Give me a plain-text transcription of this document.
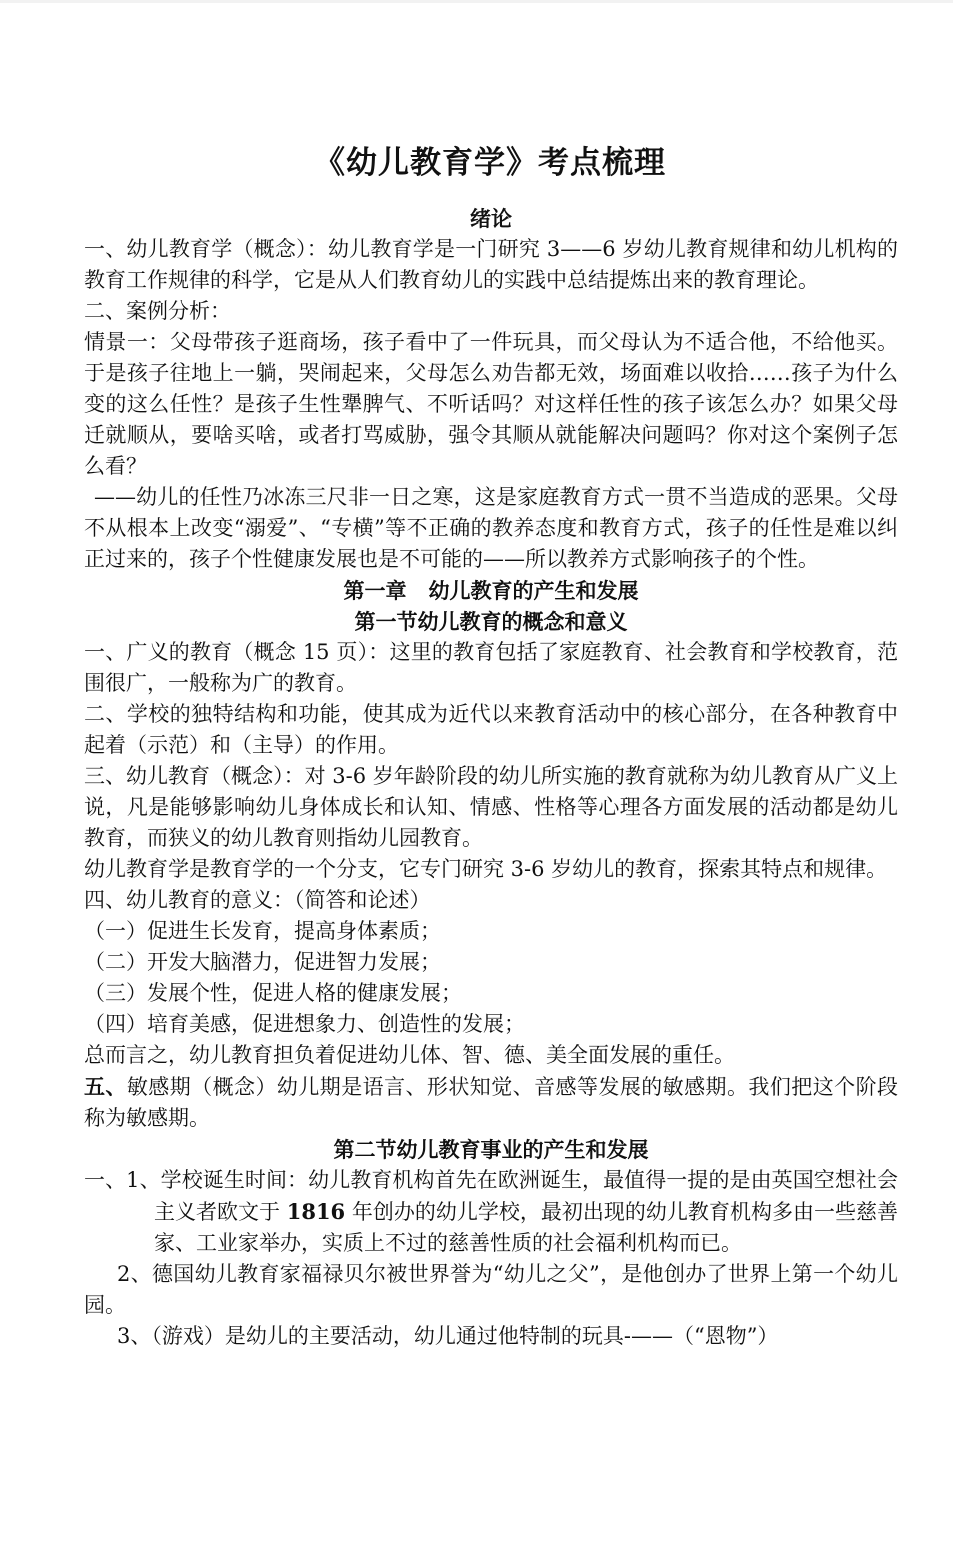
《幼儿教育学》考点梳理

绪论

一、幼儿教育学（概念）：幼儿教育学是一门研究 3——6 岁幼儿教育规律和幼儿机构的教育工作规律的科学，它是从人们教育幼儿的实践中总结提炼出来的教育理论。

二、案例分析：

情景一：父母带孩子逛商场，孩子看中了一件玩具，而父母认为不适合他，不给他买。于是孩子往地上一躺，哭闹起来，父母怎么劝告都无效，场面难以收拾……孩子为什么变的这么任性？是孩子生性犟脾气、不听话吗？对这样任性的孩子该怎么办？如果父母迁就顺从，要啥买啥，或者打骂威胁，强令其顺从就能解决问题吗？你对这个案例子怎么看？

——幼儿的任性乃冰冻三尺非一日之寒，这是家庭教育方式一贯不当造成的恶果。父母不从根本上改变“溺爱”、“专横”等不正确的教养态度和教育方式，孩子的任性是难以纠正过来的，孩子个性健康发展也是不可能的——所以教养方式影响孩子的个性。

第一章   幼儿教育的产生和发展

第一节幼儿教育的概念和意义

一、广义的教育（概念 15 页）：这里的教育包括了家庭教育、社会教育和学校教育，范围很广，一般称为广的教育。

二、学校的独特结构和功能，使其成为近代以来教育活动中的核心部分，在各种教育中起着（示范）和（主导）的作用。

三、幼儿教育（概念）：对 3-6 岁年龄阶段的幼儿所实施的教育就称为幼儿教育从广义上说，凡是能够影响幼儿身体成长和认知、情感、性格等心理各方面发展的活动都是幼儿教育，而狭义的幼儿教育则指幼儿园教育。

幼儿教育学是教育学的一个分支，它专门研究 3-6 岁幼儿的教育，探索其特点和规律。

四、幼儿教育的意义：（简答和论述）

（一）促进生长发育，提高身体素质；

（二）开发大脑潜力，促进智力发展；

（三）发展个性，促进人格的健康发展；

（四）培育美感，促进想象力、创造性的发展；

总而言之，幼儿教育担负着促进幼儿体、智、德、美全面发展的重任。

五、敏感期（概念）幼儿期是语言、形状知觉、音感等发展的敏感期。我们把这个阶段称为敏感期。

第二节幼儿教育事业的产生和发展

一、1、学校诞生时间：幼儿教育机构首先在欧洲诞生，最值得一提的是由英国空想社会主义者欧文于 1816 年创办的幼儿学校，最初出现的幼儿教育机构多由一些慈善家、工业家举办，实质上不过的慈善性质的社会福利机构而已。

2、德国幼儿教育家福禄贝尔被世界誉为“幼儿之父”，是他创办了世界上第一个幼儿园。

3、（游戏）是幼儿的主要活动，幼儿通过他特制的玩具-——（“恩物”）
